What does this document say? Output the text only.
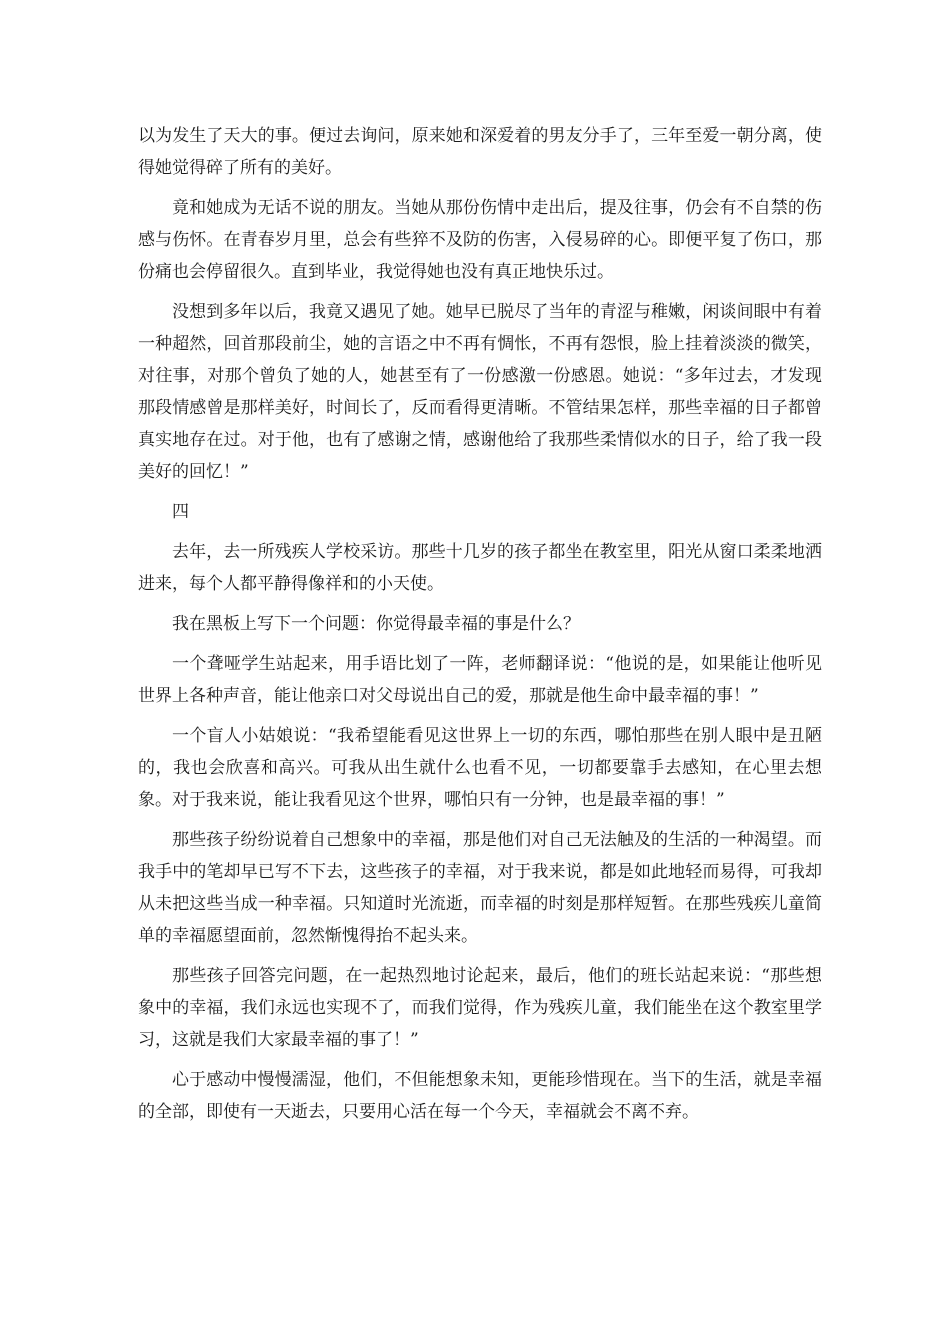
以为发生了天大的事。便过去询问，原来她和深爱着的男友分手了，三年至爱一朝分离，使得她觉得碎了所有的美好。

竟和她成为无话不说的朋友。当她从那份伤情中走出后，提及往事，仍会有不自禁的伤感与伤怀。在青春岁月里，总会有些猝不及防的伤害，入侵易碎的心。即便平复了伤口，那份痛也会停留很久。直到毕业，我觉得她也没有真正地快乐过。

没想到多年以后，我竟又遇见了她。她早已脱尽了当年的青涩与稚嫩，闲谈间眼中有着一种超然，回首那段前尘，她的言语之中不再有惆怅，不再有怨恨，脸上挂着淡淡的微笑，对往事，对那个曾负了她的人，她甚至有了一份感激一份感恩。她说：“多年过去，才发现那段情感曾是那样美好，时间长了，反而看得更清晰。不管结果怎样，那些幸福的日子都曾真实地存在过。对于他，也有了感谢之情，感谢他给了我那些柔情似水的日子，给了我一段美好的回忆！”

四

去年，去一所残疾人学校采访。那些十几岁的孩子都坐在教室里，阳光从窗口柔柔地洒进来，每个人都平静得像祥和的小天使。

我在黑板上写下一个问题：你觉得最幸福的事是什么？

一个聋哑学生站起来，用手语比划了一阵，老师翻译说：“他说的是，如果能让他听见世界上各种声音，能让他亲口对父母说出自己的爱，那就是他生命中最幸福的事！”

一个盲人小姑娘说：“我希望能看见这世界上一切的东西，哪怕那些在别人眼中是丑陋的，我也会欣喜和高兴。可我从出生就什么也看不见，一切都要靠手去感知，在心里去想象。对于我来说，能让我看见这个世界，哪怕只有一分钟，也是最幸福的事！”

那些孩子纷纷说着自己想象中的幸福，那是他们对自己无法触及的生活的一种渴望。而我手中的笔却早已写不下去，这些孩子的幸福，对于我来说，都是如此地轻而易得，可我却从未把这些当成一种幸福。只知道时光流逝，而幸福的时刻是那样短暂。在那些残疾儿童简单的幸福愿望面前，忽然惭愧得抬不起头来。

那些孩子回答完问题，在一起热烈地讨论起来，最后，他们的班长站起来说：“那些想象中的幸福，我们永远也实现不了，而我们觉得，作为残疾儿童，我们能坐在这个教室里学习，这就是我们大家最幸福的事了！”

心于感动中慢慢濡湿，他们，不但能想象未知，更能珍惜现在。当下的生活，就是幸福的全部，即使有一天逝去，只要用心活在每一个今天，幸福就会不离不弃。
